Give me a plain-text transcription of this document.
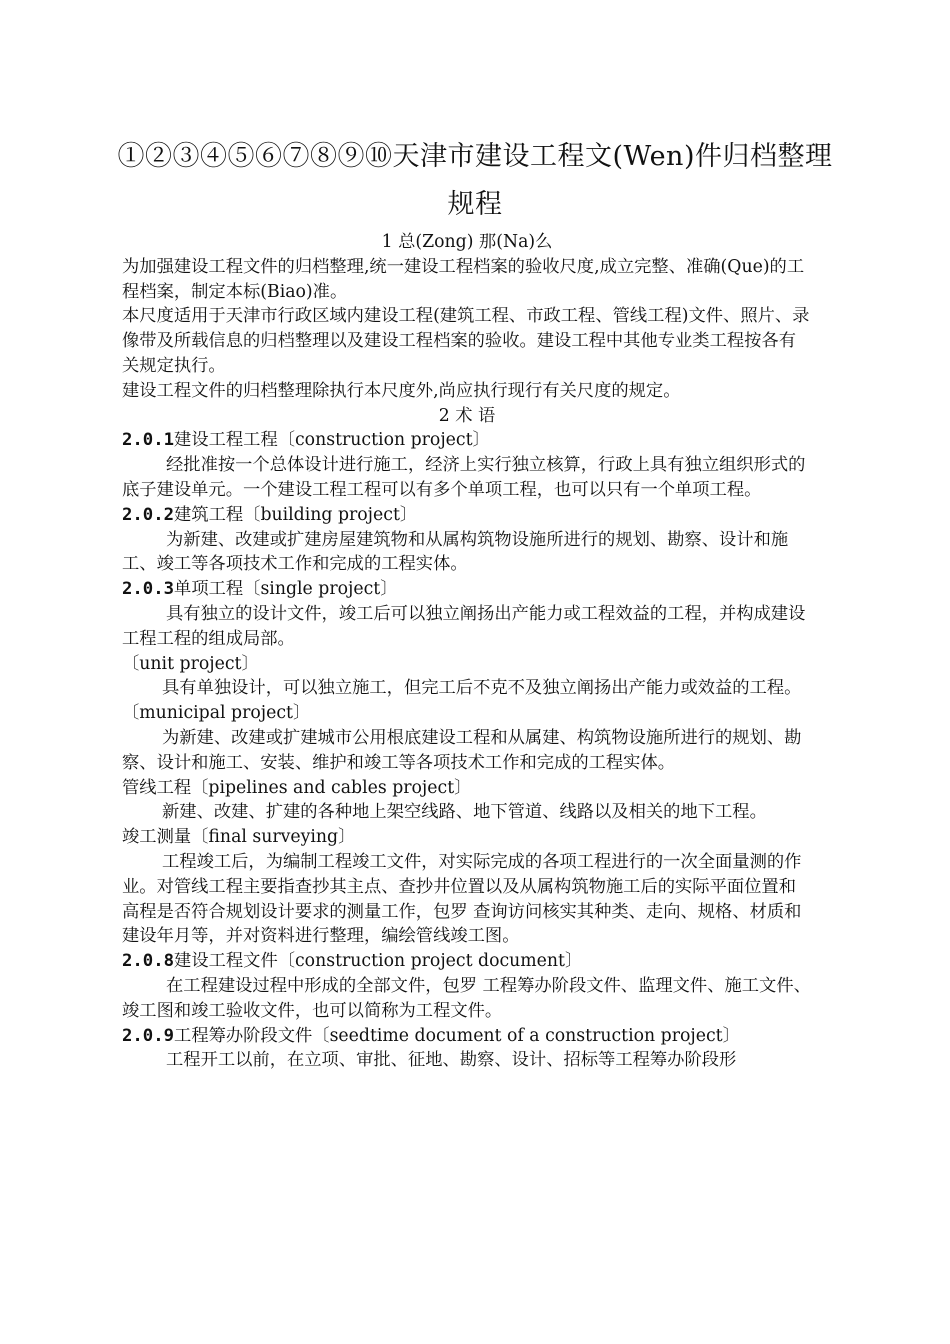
①②③④⑤⑥⑦⑧⑨⑩天津市建设工程文(Wen)件归档整理
规程

1 总(Zong) 那(Na)么

为加强建设工程文件的归档整理,统一建设工程档案的验收尺度,成立完整、准确(Que)的工程档案，制定本标(Biao)准。

本尺度适用于天津市行政区域内建设工程(建筑工程、市政工程、管线工程)文件、照片、录像带及所载信息的归档整理以及建设工程档案的验收。建设工程中其他专业类工程按各有关规定执行。

建设工程文件的归档整理除执行本尺度外,尚应执行现行有关尺度的规定。

2 术 语

2.0.1建设工程工程〔construction project〕

经批准按一个总体设计进行施工，经济上实行独立核算，行政上具有独立组织形式的底子建设单元。一个建设工程工程可以有多个单项工程，也可以只有一个单项工程。

2.0.2建筑工程〔building project〕

为新建、改建或扩建房屋建筑物和从属构筑物设施所进行的规划、勘察、设计和施工、竣工等各项技术工作和完成的工程实体。

2.0.3单项工程〔single project〕

具有独立的设计文件，竣工后可以独立阐扬出产能力或工程效益的工程，并构成建设工程工程的组成局部。

〔unit project〕

具有单独设计，可以独立施工，但完工后不克不及独立阐扬出产能力或效益的工程。

〔municipal project〕

为新建、改建或扩建城市公用根底建设工程和从属建、构筑物设施所进行的规划、勘察、设计和施工、安装、维护和竣工等各项技术工作和完成的工程实体。

管线工程〔pipelines and cables project〕

新建、改建、扩建的各种地上架空线路、地下管道、线路以及相关的地下工程。

竣工测量〔final surveying〕

工程竣工后，为编制工程竣工文件，对实际完成的各项工程进行的一次全面量测的作业。对管线工程主要指查抄其主点、查抄井位置以及从属构筑物施工后的实际平面位置和高程是否符合规划设计要求的测量工作，包罗 查询访问核实其种类、走向、规格、材质和建设年月等，并对资料进行整理，编绘管线竣工图。

2.0.8建设工程文件〔construction project document〕

在工程建设过程中形成的全部文件，包罗 工程筹办阶段文件、监理文件、施工文件、竣工图和竣工验收文件，也可以简称为工程文件。

2.0.9工程筹办阶段文件〔seedtime document of a construction project〕

工程开工以前，在立项、审批、征地、勘察、设计、招标等工程筹办阶段形
